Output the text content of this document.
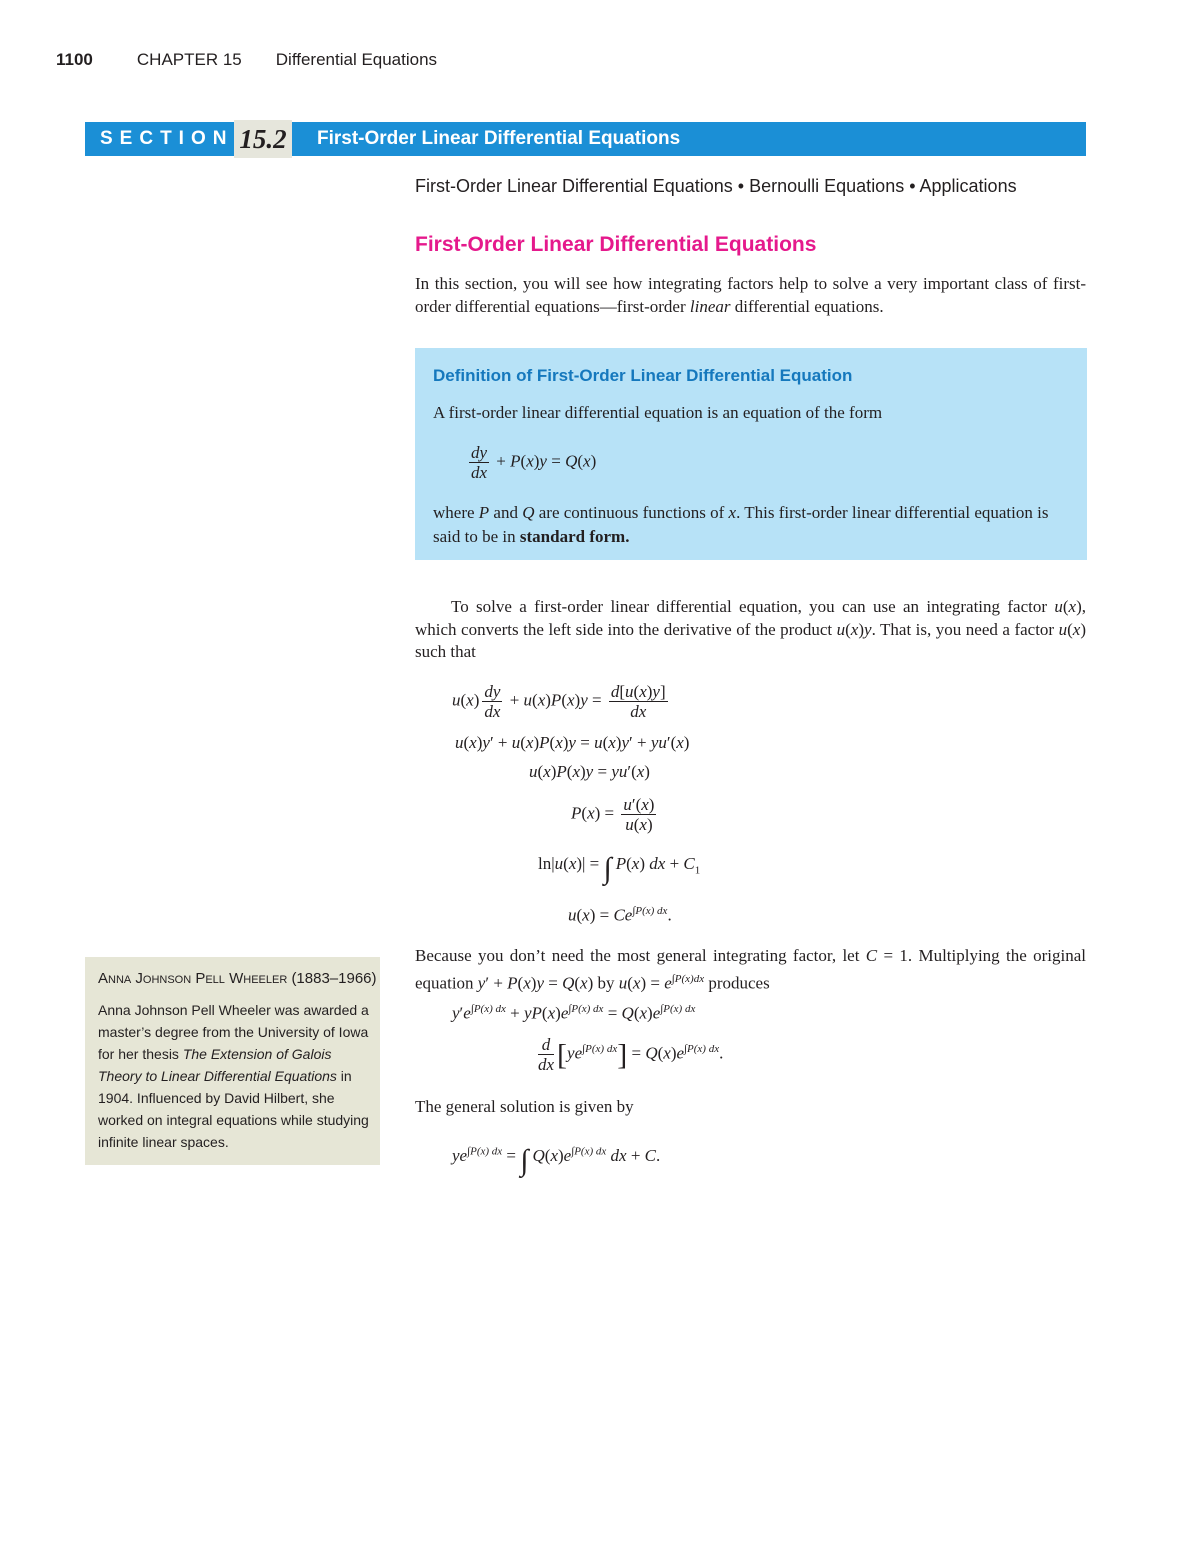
1100	CHAPTER 15 Differential Equations
SECTION 15.2 First-Order Linear Differential Equations
First-Order Linear Differential Equations • Bernoulli Equations • Applications
First-Order Linear Differential Equations
In this section, you will see how integrating factors help to solve a very important class of first-order differential equations—first-order linear differential equations.
Definition of First-Order Linear Differential Equation
A first-order linear differential equation is an equation of the form
$\frac{dy}{dx} + P(x)y = Q(x)$
where P and Q are continuous functions of x. This first-order linear differential equation is said to be in standard form.
To solve a first-order linear differential equation, you can use an integrating factor u(x), which converts the left side into the derivative of the product u(x)y. That is, you need a factor u(x) such that
$u(x) \frac{dy}{dx} + u(x)P(x)y = \frac{d[u(x)y]}{dx}$
u(x)y′ + u(x)P(x)y = u(x)y′ + yu′(x)
u(x)P(x)y = yu′(x)
$P(x) = \frac{u'(x)}{u(x)}$
ln|u(x)| = ∫ P(x) dx + $C_1$
$u(x) = Ce^{\int P(x) dx}$.
Because you don’t need the most general integrating factor, let C = 1. Multiplying the original equation y′ + P(x)y = Q(x) by $u(x) = e^{\int P(x)dx}$ produces
$y'e^{\int P(x) dx} + yP(x)e^{\int P(x) dx} = Q(x)e^{\int P(x) dx}$
$\frac{d}{dx} [ye^{\int P(x) dx}] = Q(x)e^{\int P(x) dx}$.
The general solution is given by
$ye^{\int P(x) dx}$ = ∫ $Q(x)e^{\int P(x) dx}$ dx + C.
Anna Johnson Pell Wheeler (1883–1966)
Anna Johnson Pell Wheeler was awarded a master’s degree from the University of Iowa for her thesis The Extension of Galois Theory to Linear Differential Equations in 1904. Influenced by David Hilbert, she worked on integral equations while studying infinite linear spaces.
